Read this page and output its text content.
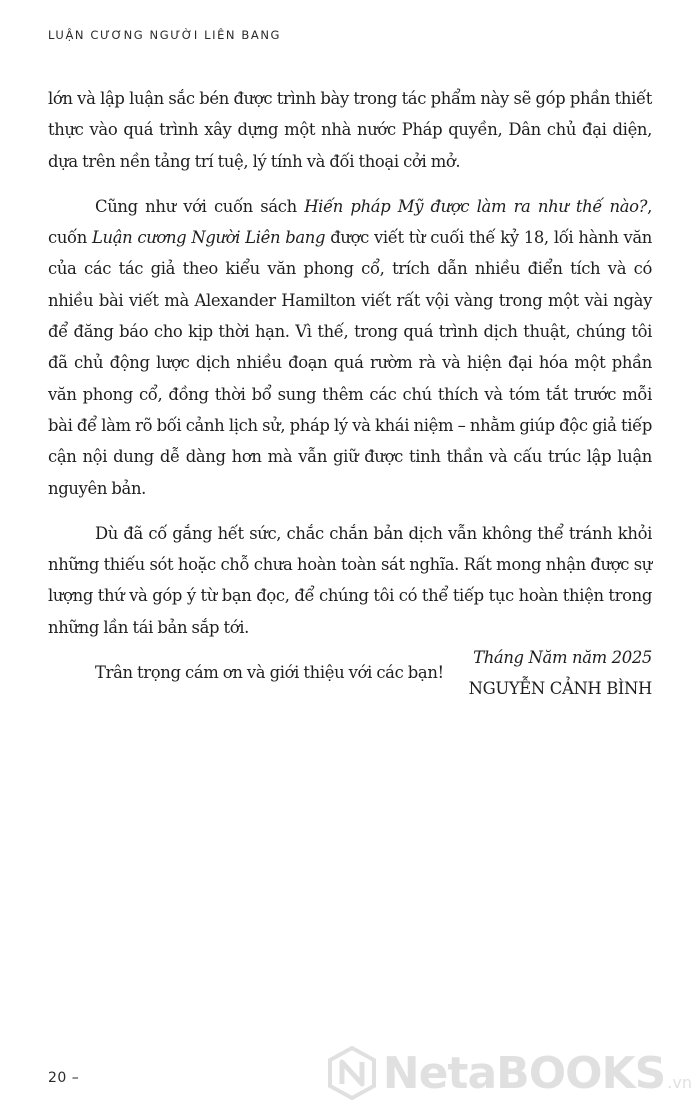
LUẬN CƯƠNG NGƯỜI LIÊN BANG

lớn và lập luận sắc bén được trình bày trong tác phẩm này sẽ góp phần thiết thực vào quá trình xây dựng một nhà nước Pháp quyền, Dân chủ đại diện, dựa trên nền tảng trí tuệ, lý tính và đối thoại cởi mở.

Cũng như với cuốn sách Hiến pháp Mỹ được làm ra như thế nào?, cuốn Luận cương Người Liên bang được viết từ cuối thế kỷ 18, lối hành văn của các tác giả theo kiểu văn phong cổ, trích dẫn nhiều điển tích và có nhiều bài viết mà Alexander Hamilton viết rất vội vàng trong một vài ngày để đăng báo cho kịp thời hạn. Vì thế, trong quá trình dịch thuật, chúng tôi đã chủ động lược dịch nhiều đoạn quá rườm rà và hiện đại hóa một phần văn phong cổ, đồng thời bổ sung thêm các chú thích và tóm tắt trước mỗi bài để làm rõ bối cảnh lịch sử, pháp lý và khái niệm – nhằm giúp độc giả tiếp cận nội dung dễ dàng hơn mà vẫn giữ được tinh thần và cấu trúc lập luận nguyên bản.

Dù đã cố gắng hết sức, chắc chắn bản dịch vẫn không thể tránh khỏi những thiếu sót hoặc chỗ chưa hoàn toàn sát nghĩa. Rất mong nhận được sự lượng thứ và góp ý từ bạn đọc, để chúng tôi có thể tiếp tục hoàn thiện trong những lần tái bản sắp tới.

Trân trọng cám ơn và giới thiệu với các bạn!

Tháng Năm năm 2025
NGUYỄN CẢNH BÌNH
20 –	NetaBOOKS .vn
